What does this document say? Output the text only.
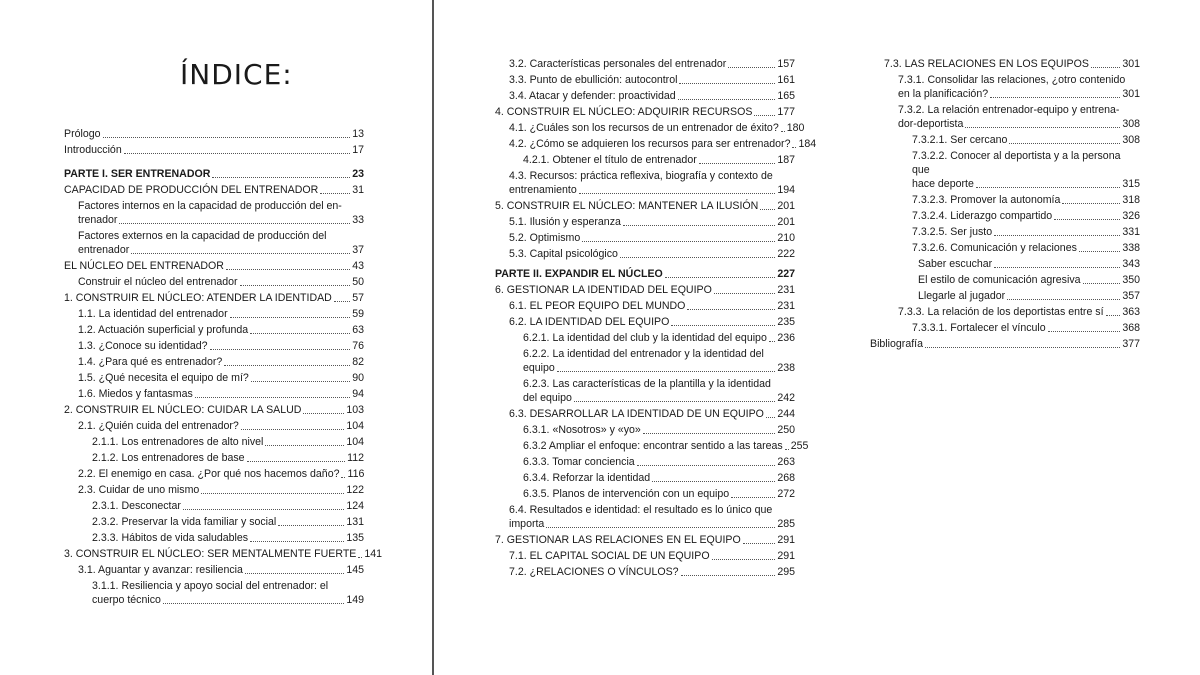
ÍNDICE:
Prólogo	13
Introducción	17
PARTE I. SER ENTRENADOR	23
CAPACIDAD DE PRODUCCIÓN DEL ENTRENADOR	31
Factores internos en la capacidad de producción del en-
trenador	33
Factores externos en la capacidad de producción del
entrenador	37
EL NÚCLEO DEL ENTRENADOR	43
Construir el núcleo del entrenador	50
1. CONSTRUIR EL NÚCLEO: ATENDER LA IDENTIDAD 57
1.1. La identidad del entrenador	59
1.2. Actuación superficial y profunda	63
1.3. ¿Conoce su identidad?	76
1.4. ¿Para qué es entrenador?	82
1.5. ¿Qué necesita el equipo de mí?	90
1.6. Miedos y fantasmas	94
2. CONSTRUIR EL NÚCLEO: CUIDAR LA SALUD	103
2.1. ¿Quién cuida del entrenador?	104
2.1.1. Los entrenadores de alto nivel	104
2.1.2. Los entrenadores de base	112
2.2. El enemigo en casa. ¿Por qué nos hacemos daño? 116
2.3. Cuidar de uno mismo	122
2.3.1. Desconectar	124
2.3.2. Preservar la vida familiar y social	131
2.3.3. Hábitos de vida saludables	135
3. CONSTRUIR EL NÚCLEO: SER MENTALMENTE FUERTE 141
3.1. Aguantar y avanzar: resiliencia	145
3.1.1. Resiliencia y apoyo social del entrenador: el
cuerpo técnico	149
3.2. Características personales del entrenador	157
3.3. Punto de ebullición: autocontrol	161
3.4. Atacar y defender: proactividad	165
4. CONSTRUIR EL NÚCLEO: ADQUIRIR RECURSOS 177
4.1. ¿Cuáles son los recursos de un entrenador de éxito? 180
4.2. ¿Cómo se adquieren los recursos para ser entrenador? 184
4.2.1. Obtener el título de entrenador	187
4.3. Recursos: práctica reflexiva, biografía y contexto de
entrenamiento	194
5. CONSTRUIR EL NÚCLEO: MANTENER LA ILUSIÓN 201
5.1. Ilusión y esperanza	201
5.2. Optimismo	210
5.3. Capital psicológico	222
PARTE II. EXPANDIR EL NÚCLEO	227
6. GESTIONAR LA IDENTIDAD DEL EQUIPO	231
6.1. EL PEOR EQUIPO DEL MUNDO	231
6.2. LA IDENTIDAD DEL EQUIPO	235
6.2.1. La identidad del club y la identidad del equipo 236
6.2.2. La identidad del entrenador y la identidad del
equipo	238
6.2.3. Las características de la plantilla y la identidad
del equipo	242
6.3. DESARROLLAR LA IDENTIDAD DE UN EQUIPO 244
6.3.1. «Nosotros» y «yo»	250
6.3.2 Ampliar el enfoque: encontrar sentido a las tareas 255
6.3.3. Tomar conciencia	263
6.3.4. Reforzar la identidad	268
6.3.5. Planos de intervención con un equipo	272
6.4. Resultados e identidad: el resultado es lo único que
importa	285
7. GESTIONAR LAS RELACIONES EN EL EQUIPO	291
7.1. EL CAPITAL SOCIAL DE UN EQUIPO	291
7.2. ¿RELACIONES O VÍNCULOS?	295
7.3. LAS RELACIONES EN LOS EQUIPOS	301
7.3.1. Consolidar las relaciones, ¿otro contenido
en la planificación?	301
7.3.2. La relación entrenador-equipo y entrena-
dor-deportista	308
7.3.2.1. Ser cercano	308
7.3.2.2. Conocer al deportista y a la persona que
hace deporte	315
7.3.2.3. Promover la autonomía	318
7.3.2.4. Liderazgo compartido	326
7.3.2.5. Ser justo	331
7.3.2.6. Comunicación y relaciones	338
Saber escuchar	343
El estilo de comunicación agresiva	350
Llegarle al jugador	357
7.3.3. La relación de los deportistas entre sí 363
7.3.3.1. Fortalecer el vínculo	368
Bibliografía	377
